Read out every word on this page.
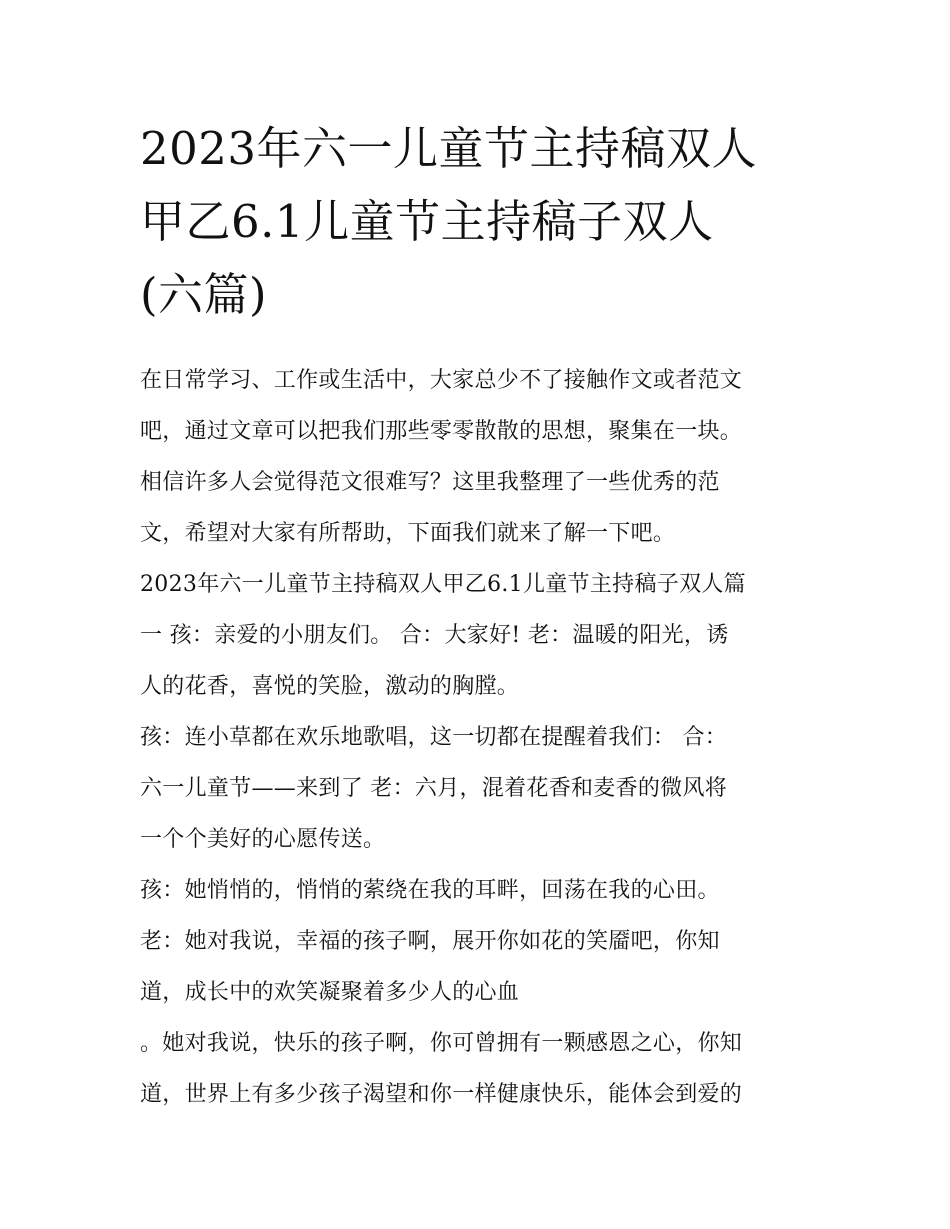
2023年六一儿童节主持稿双人
甲乙6.1儿童节主持稿子双人
(六篇)
在日常学习、工作或生活中，大家总少不了接触作文或者范文
吧，通过文章可以把我们那些零零散散的思想，聚集在一块。
相信许多人会觉得范文很难写？这里我整理了一些优秀的范
文，希望对大家有所帮助，下面我们就来了解一下吧。
2023年六一儿童节主持稿双人甲乙6.1儿童节主持稿子双人篇
一 孩：亲爱的小朋友们。 合：大家好! 老：温暖的阳光，诱
人的花香，喜悦的笑脸，激动的胸膛。
孩：连小草都在欢乐地歌唱，这一切都在提醒着我们： 合：
六一儿童节——来到了 老：六月，混着花香和麦香的微风将
一个个美好的心愿传送。
孩：她悄悄的，悄悄的萦绕在我的耳畔，回荡在我的心田。
老：她对我说，幸福的孩子啊，展开你如花的笑靥吧，你知
道，成长中的欢笑凝聚着多少人的心血
。她对我说，快乐的孩子啊，你可曾拥有一颗感恩之心，你知
道，世界上有多少孩子渴望和你一样健康快乐，能体会到爱的
